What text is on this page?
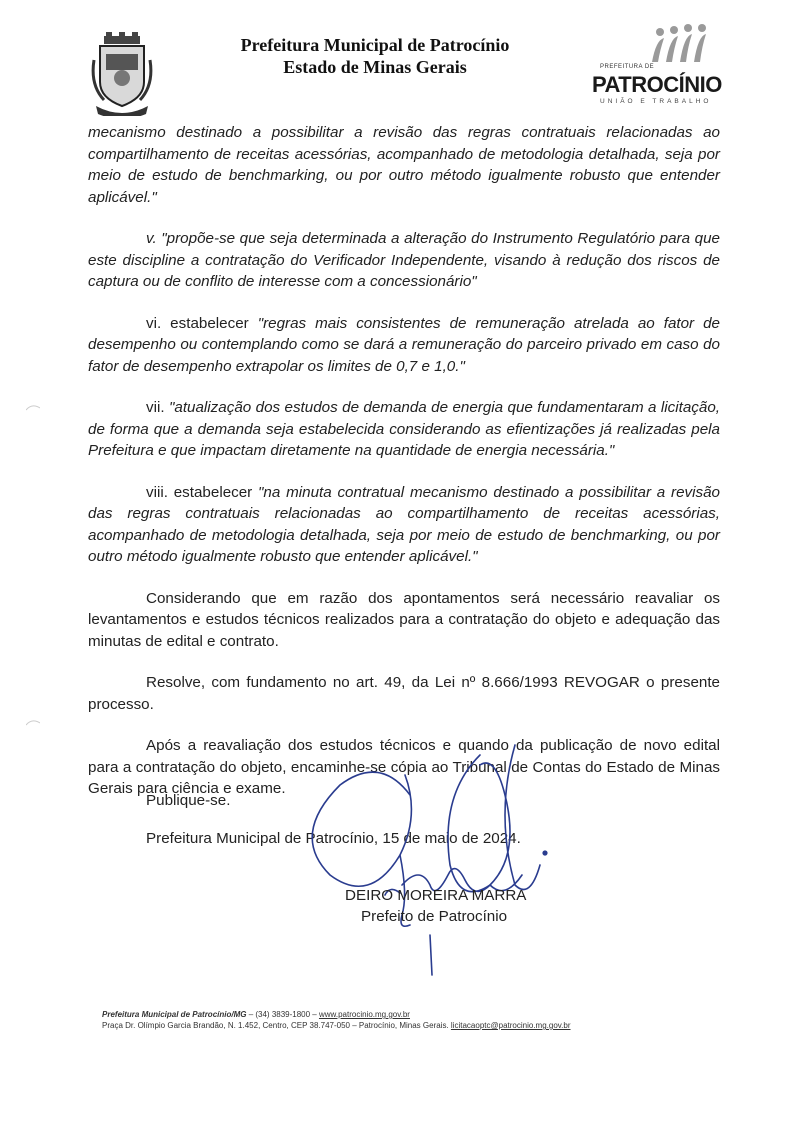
Prefeitura Municipal de Patrocínio
Estado de Minas Gerais	PREFEITURA DE
PATROCÍNIO
UNIÃO E TRABALHO

mecanismo destinado a possibilitar a revisão das regras contratuais relacionadas ao compartilhamento de receitas acessórias, acompanhado de metodologia detalhada, seja por meio de estudo de benchmarking, ou por outro método igualmente robusto que entender aplicável."

v. "propõe-se que seja determinada a alteração do Instrumento Regulatório para que este discipline a contratação do Verificador Independente, visando à redução dos riscos de captura ou de conflito de interesse com a concessionário"

vi. estabelecer "regras mais consistentes de remuneração atrelada ao fator de desempenho ou contemplando como se dará a remuneração do parceiro privado em caso do fator de desempenho extrapolar os limites de 0,7 e 1,0."

vii. "atualização dos estudos de demanda de energia que fundamentaram a licitação, de forma que a demanda seja estabelecida considerando as efientizações já realizadas pela Prefeitura e que impactam diretamente na quantidade de energia necessária."

viii. estabelecer "na minuta contratual mecanismo destinado a possibilitar a revisão das regras contratuais relacionadas ao compartilhamento de receitas acessórias, acompanhado de metodologia detalhada, seja por meio de estudo de benchmarking, ou por outro método igualmente robusto que entender aplicável."

Considerando que em razão dos apontamentos será necessário reavaliar os levantamentos e estudos técnicos realizados para a contratação do objeto e adequação das minutas de edital e contrato.

Resolve, com fundamento no art. 49, da Lei nº 8.666/1993 REVOGAR o presente processo.

Após a reavaliação dos estudos técnicos e quando da publicação de novo edital para a contratação do objeto, encaminhe-se cópia ao Tribunal de Contas do Estado de Minas Gerais para ciência e exame.

Publique-se.
Prefeitura Municipal de Patrocínio, 15 de maio de 2024.
DEIRO MOREIRA MARRA
Prefeito de Patrocínio
Prefeitura Municipal de Patrocínio/MG – (34) 3839-1800 – www.patrocinio.mg.gov.br
Praça Dr. Olímpio Garcia Brandão, N. 1.452, Centro, CEP 38.747-050 – Patrocínio, Minas Gerais. licitacaoptc@patrocinio.mg.gov.br
